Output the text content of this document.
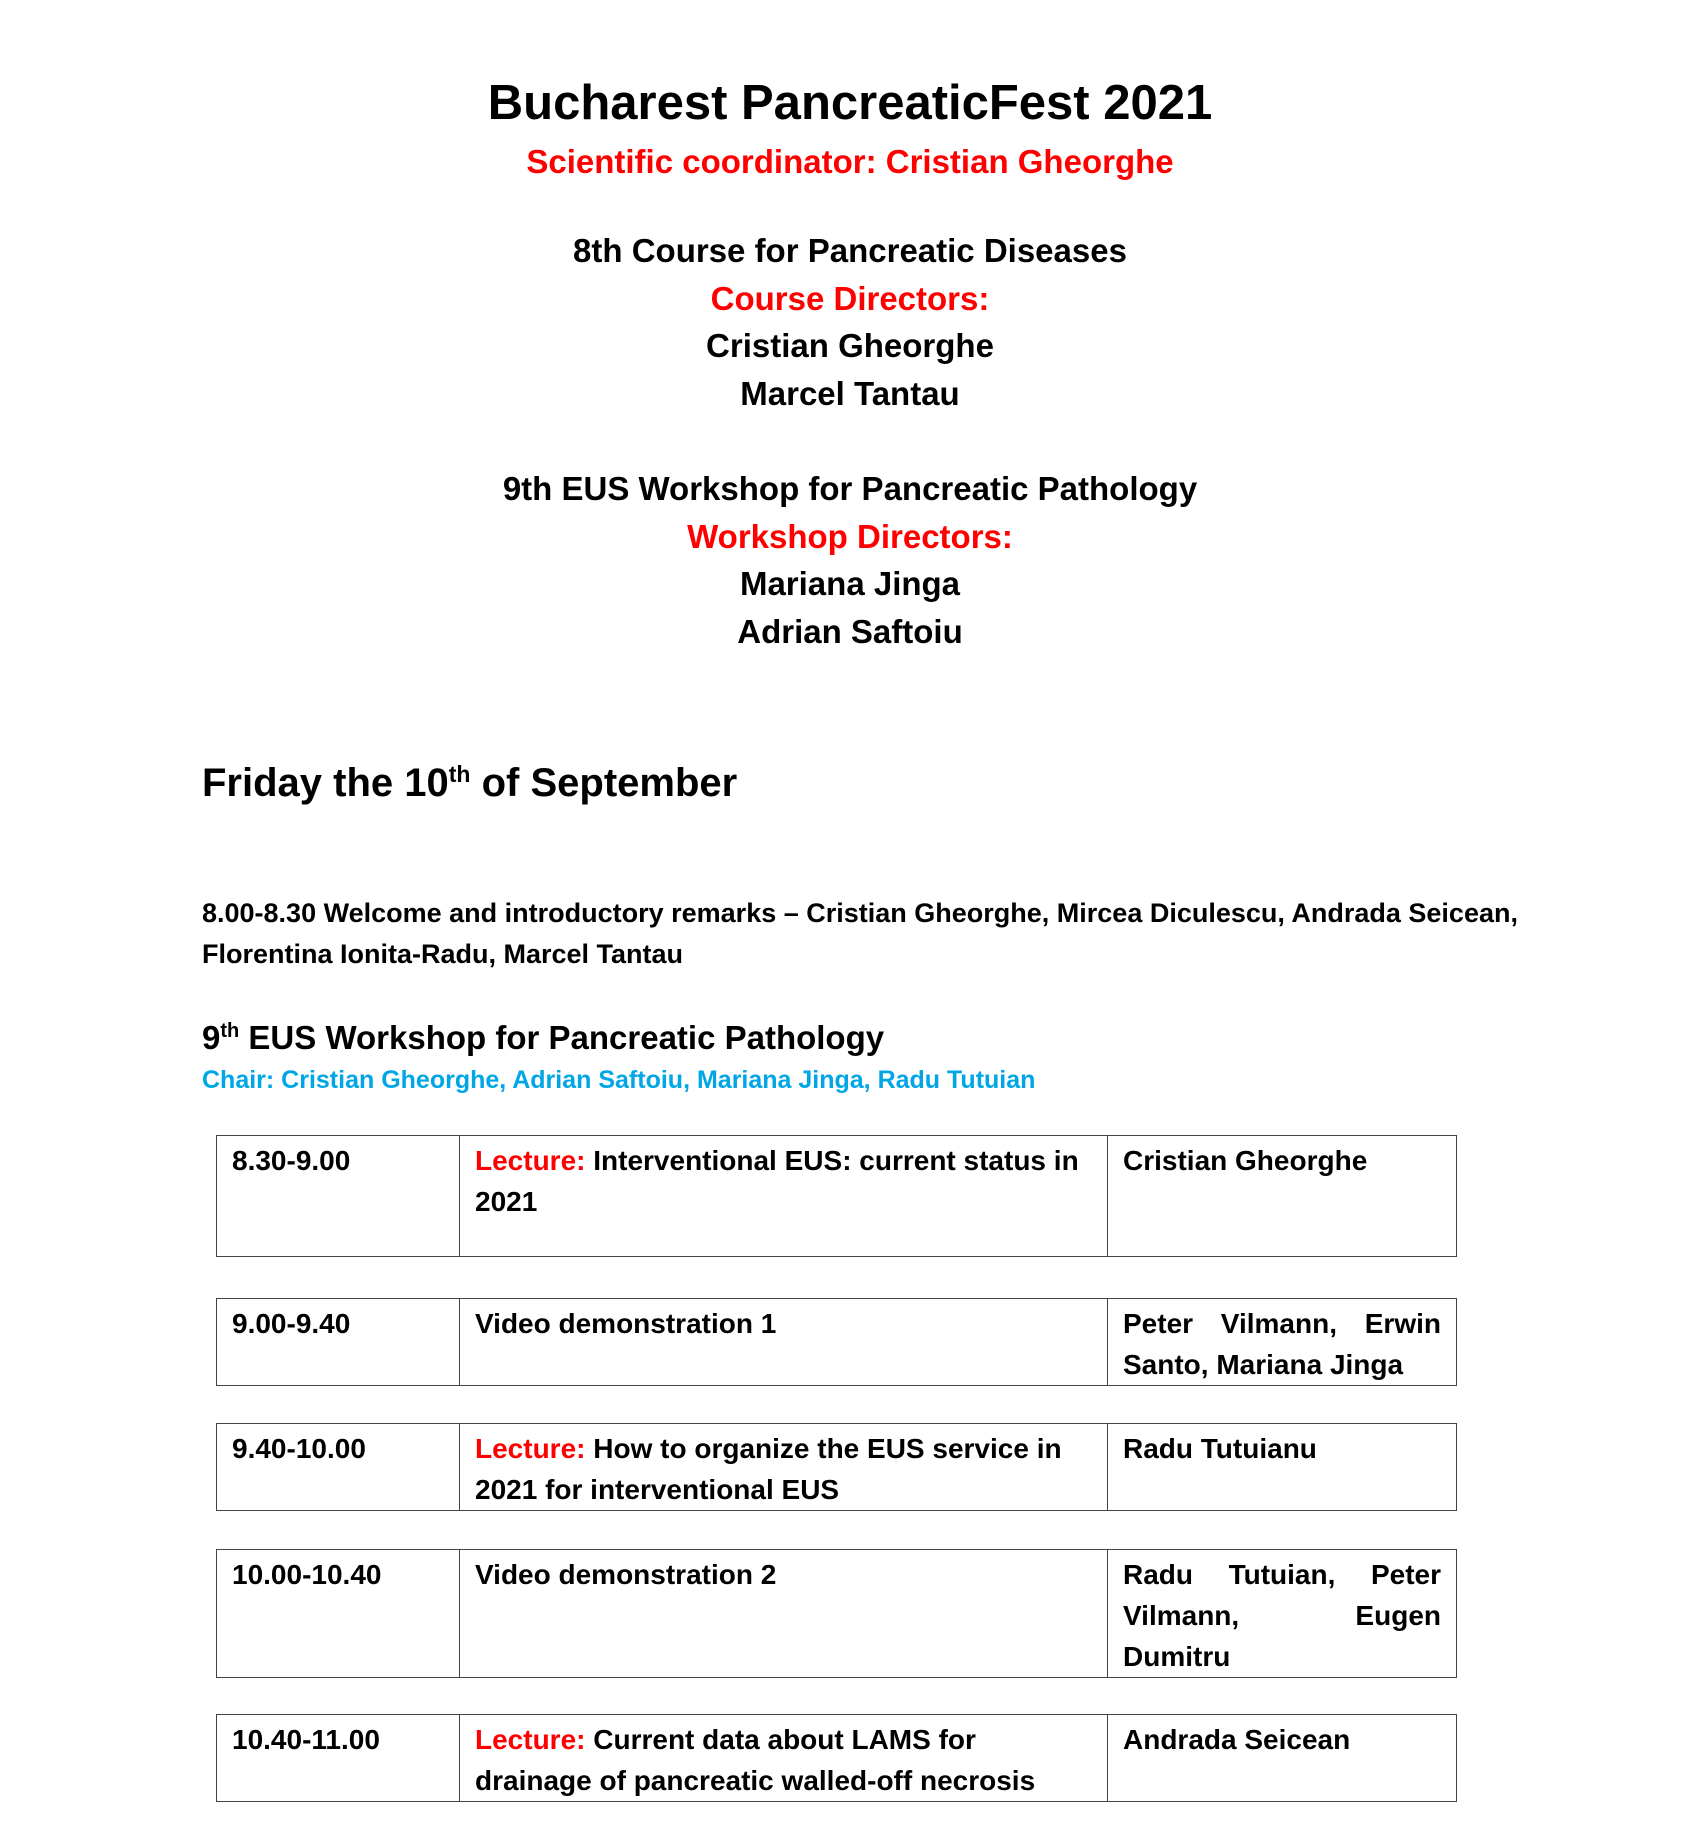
Bucharest PancreaticFest 2021
Scientific coordinator: Cristian Gheorghe
8th Course for Pancreatic Diseases
Course Directors:
Cristian Gheorghe
Marcel Tantau
9th EUS Workshop for Pancreatic Pathology
Workshop Directors:
Mariana Jinga
Adrian Saftoiu
Friday the 10th of September
8.00-8.30 Welcome and introductory remarks – Cristian Gheorghe, Mircea Diculescu, Andrada Seicean, Florentina Ionita-Radu, Marcel Tantau
9th EUS Workshop for Pancreatic Pathology
Chair: Cristian Gheorghe, Adrian Saftoiu, Mariana Jinga, Radu Tutuian
8.30-9.00	Lecture: Interventional EUS: current status in 2021	Cristian Gheorghe
9.00-9.40	Video demonstration 1	Peter Vilmann, Erwin Santo, Mariana Jinga
9.40-10.00	Lecture: How to organize the EUS service in 2021 for interventional EUS	Radu Tutuianu
10.00-10.40	Video demonstration 2	Radu Tutuian, Peter Vilmann, Eugen Dumitru
10.40-11.00	Lecture: Current data about LAMS for drainage of pancreatic walled-off necrosis	Andrada Seicean
